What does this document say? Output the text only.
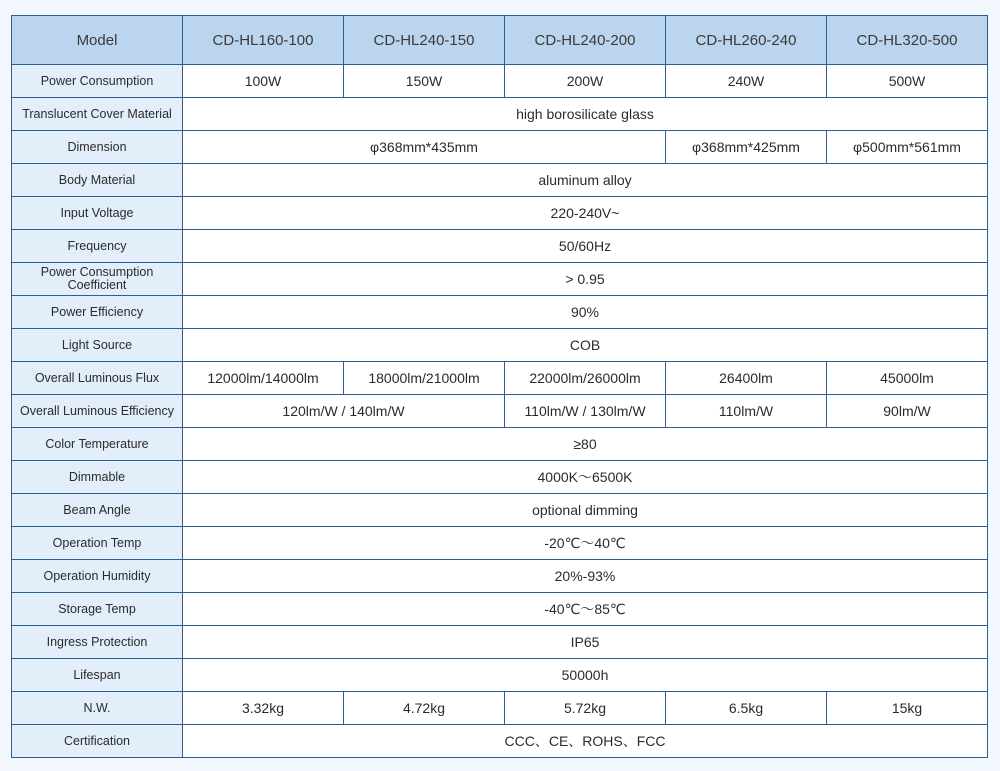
Model	CD-HL160-100	CD-HL240-150	CD-HL240-200	CD-HL260-240	CD-HL320-500
Power Consumption	100W	150W	200W	240W	500W
Translucent Cover Material	high borosilicate glass				
Dimension	φ368mm*435mm			φ368mm*425mm	φ500mm*561mm
Body Material	aluminum alloy				
Input Voltage	220-240V~				
Frequency	50/60Hz				
Power Consumption Coefficient	> 0.95				
Power Efficiency	90%				
Light Source	COB				
Overall Luminous Flux	12000lm/14000lm	18000lm/21000lm	22000lm/26000lm	26400lm	45000lm
Overall Luminous Efficiency	120lm/W / 140lm/W		110lm/W / 130lm/W	110lm/W	90lm/W
Color Temperature	≥80				
Dimmable	4000K～6500K				
Beam Angle	optional dimming				
Operation Temp	-20℃～40℃				
Operation Humidity	20%-93%				
Storage Temp	-40℃～85℃				
Ingress Protection	IP65				
Lifespan	50000h				
N.W.	3.32kg	4.72kg	5.72kg	6.5kg	15kg
Certification	CCC、CE、ROHS、FCC				
